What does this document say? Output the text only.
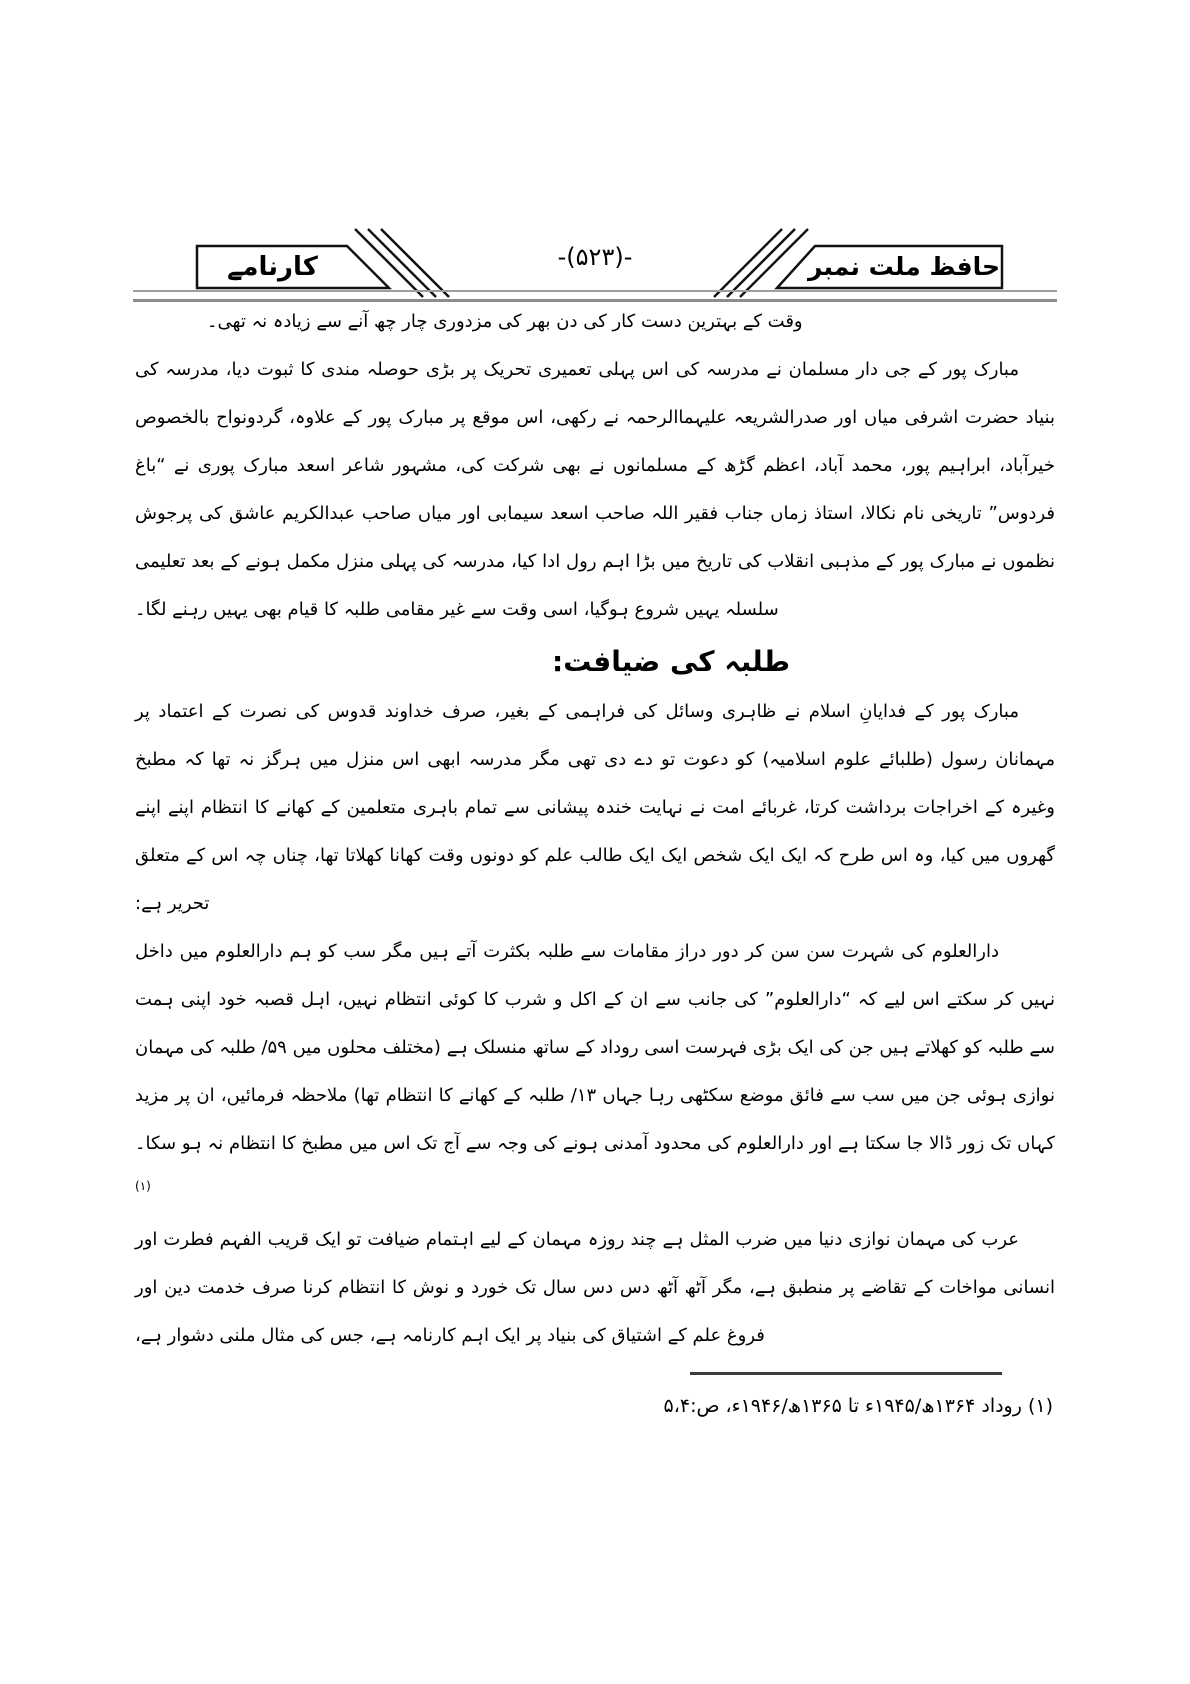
کارنامے	-(۵۲۳)-	حافظ ملت نمبر

وقت کے بہترین دست کار کی دن بھر کی مزدوری چار چھ آنے سے زیادہ نہ تھی۔

مبارک پور کے جی دار مسلمان نے مدرسہ کی اس پہلی تعمیری تحریک پر بڑی حوصلہ مندی کا ثبوت دیا، مدرسہ کی بنیاد حضرت اشرفی میاں اور صدرالشریعہ علیہماالرحمہ نے رکھی، اس موقع پر مبارک پور کے علاوہ، گردونواح بالخصوص خیرآباد، ابراہیم پور، محمد آباد، اعظم گڑھ کے مسلمانوں نے بھی شرکت کی، مشہور شاعر اسعد مبارک پوری نے “باغ فردوس” تاریخی نام نکالا، استاذ زماں جناب فقیر اللہ صاحب اسعد سیمابی اور میاں صاحب عبدالکریم عاشق کی پرجوش نظموں نے مبارک پور کے مذہبی انقلاب کی تاریخ میں بڑا اہم رول ادا کیا، مدرسہ کی پہلی منزل مکمل ہونے کے بعد تعلیمی سلسلہ یہیں شروع ہوگیا، اسی وقت سے غیر مقامی طلبہ کا قیام بھی یہیں رہنے لگا۔

طلبہ کی ضیافت:

مبارک پور کے فدایانِ اسلام نے ظاہری وسائل کی فراہمی کے بغیر، صرف خداوند قدوس کی نصرت کے اعتماد پر مہمانان رسول (طلبائے علوم اسلامیہ) کو دعوت تو دے دی تھی مگر مدرسہ ابھی اس منزل میں ہرگز نہ تھا کہ مطبخ وغیرہ کے اخراجات برداشت کرتا، غربائے امت نے نہایت خندہ پیشانی سے تمام باہری متعلمین کے کھانے کا انتظام اپنے اپنے گھروں میں کیا، وہ اس طرح کہ ایک ایک شخص ایک ایک طالب علم کو دونوں وقت کھانا کھلاتا تھا، چناں چہ اس کے متعلق تحریر ہے:

دارالعلوم کی شہرت سن سن کر دور دراز مقامات سے طلبہ بکثرت آتے ہیں مگر سب کو ہم دارالعلوم میں داخل نہیں کر سکتے اس لیے کہ “دارالعلوم” کی جانب سے ان کے اکل و شرب کا کوئی انتظام نہیں، اہل قصبہ خود اپنی ہمت سے طلبہ کو کھلاتے ہیں جن کی ایک بڑی فہرست اسی روداد کے ساتھ منسلک ہے (مختلف محلوں میں ۵۹/ طلبہ کی مہمان نوازی ہوئی جن میں سب سے فائق موضع سکٹھی رہا جہاں ۱۳/ طلبہ کے کھانے کا انتظام تھا) ملاحظہ فرمائیں، ان پر مزید کہاں تک زور ڈالا جا سکتا ہے اور دارالعلوم کی محدود آمدنی ہونے کی وجہ سے آج تک اس میں مطبخ کا انتظام نہ ہو سکا۔$^{(۱)}$

عرب کی مہمان نوازی دنیا میں ضرب المثل ہے چند روزہ مہمان کے لیے اہتمام ضیافت تو ایک قریب الفہم فطرت اور انسانی مواخات کے تقاضے پر منطبق ہے، مگر آٹھ آٹھ دس دس سال تک خورد و نوش کا انتظام کرنا صرف خدمت دین اور فروغ علم کے اشتیاق کی بنیاد پر ایک اہم کارنامہ ہے، جس کی مثال ملنی دشوار ہے،

(۱) روداد ۱۳۶۴ھ/۱۹۴۵ء تا ۱۳۶۵ھ/۱۹۴۶ء، ص:۵،۴
